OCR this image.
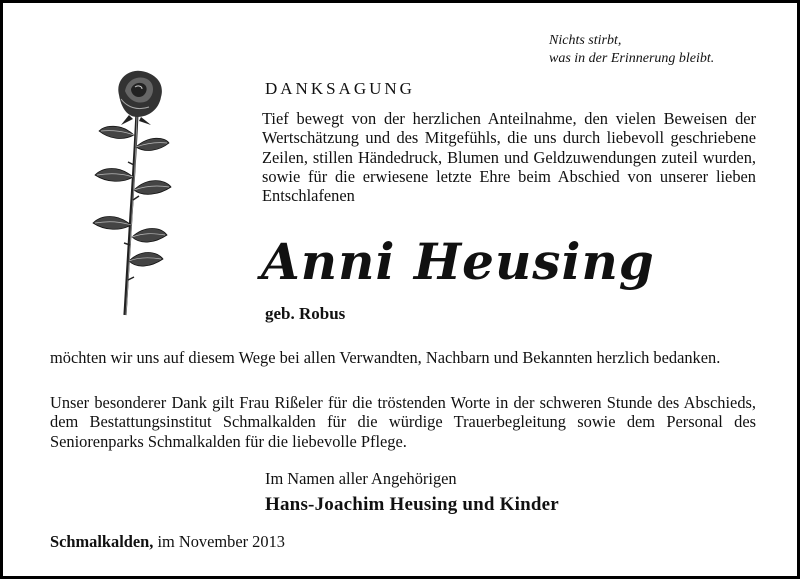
Nichts stirbt,
was in der Erinnerung bleibt.
DANKSAGUNG
Tief bewegt von der herzlichen Anteilnahme, den vielen Beweisen der Wertschätzung und des Mitgefühls, die uns durch liebevoll geschriebene Zeilen, stillen Händedruck, Blumen und Geldzuwendungen zuteil wurden, sowie für die erwiesene letzte Ehre beim Abschied von unserer lieben Entschlafenen
Anni Heusing
geb. Robus
möchten wir uns auf diesem Wege bei allen Verwandten, Nachbarn und Bekannten herzlich bedanken.
Unser besonderer Dank gilt Frau Rißeler für die tröstenden Worte in der schweren Stunde des Abschieds, dem Bestattungsinstitut Schmalkalden für die würdige Trauerbegleitung sowie dem Personal des Seniorenparks Schmalkalden für die liebevolle Pflege.
Im Namen aller Angehörigen
Hans-Joachim Heusing und Kinder
Schmalkalden, im November 2013
